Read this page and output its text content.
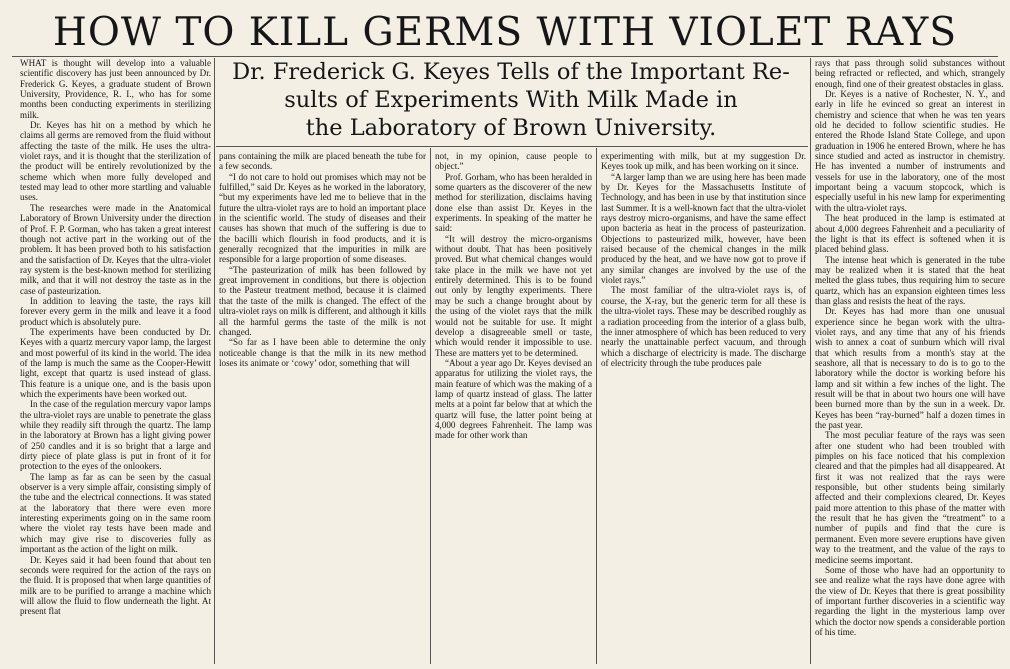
HOW TO KILL GERMS WITH VIOLET RAYS
Dr. Frederick G. Keyes Tells of the Important Re-
sults of Experiments With Milk Made in
the Laboratory of Brown University.

WHAT is thought will develop into a valuable scientific discovery has just been announced by Dr. Frederick G. Keyes, a graduate student of Brown University, Providence, R. I., who has for some months been conducting experiments in sterilizing milk.

Dr. Keyes has hit on a method by which he claims all germs are removed from the fluid without affecting the taste of the milk. He uses the ultra-violet rays, and it is thought that the sterilization of the product will be entirely revolutionized by the scheme which when more fully developed and tested may lead to other more startling and valuable uses.

The researches were made in the Anatomical Laboratory of Brown University under the direction of Prof. F. P. Gorman, who has taken a great interest though not active part in the working out of the problem. It has been proved both to his satisfaction and the satisfaction of Dr. Keyes that the ultra-violet ray system is the best-known method for sterilizing milk, and that it will not destroy the taste as in the case of pasteurization.

In addition to leaving the taste, the rays kill forever every germ in the milk and leave it a food product which is absolutely pure.

The experiments have been conducted by Dr. Keyes with a quartz mercury vapor lamp, the largest and most powerful of its kind in the world. The idea of the lamp is much the same as the Cooper-Hewitt light, except that quartz is used instead of glass. This feature is a unique one, and is the basis upon which the experiments have been worked out.

In the case of the regulation mercury vapor lamps the ultra-violet rays are unable to penetrate the glass while they readily sift through the quartz. The lamp in the laboratory at Brown has a light giving power of 250 candles and it is so bright that a large and dirty piece of plate glass is put in front of it for protection to the eyes of the onlookers.

The lamp as far as can be seen by the casual observer is a very simple affair, consisting simply of the tube and the electrical connections. It was stated at the laboratory that there were even more interesting experiments going on in the same room where the violet ray tests have been made and which may give rise to discoveries fully as important as the action of the light on milk.

Dr. Keyes said it had been found that about ten seconds were required for the action of the rays on the fluid. It is proposed that when large quantities of milk are to be purified to arrange a machine which will allow the fluid to flow underneath the light. At present flat

pans containing the milk are placed beneath the tube for a few seconds.

“I do not care to hold out promises which may not be fulfilled,” said Dr. Keyes as he worked in the laboratory, “but my experiments have led me to believe that in the future the ultra-violet rays are to hold an important place in the scientific world. The study of diseases and their causes has shown that much of the suffering is due to the bacilli which flourish in food products, and it is generally recognized that the impurities in milk are responsible for a large proportion of some diseases.

“The pasteurization of milk has been followed by great improvement in conditions, but there is objection to the Pasteur treatment method, because it is claimed that the taste of the milk is changed. The effect of the ultra-violet rays on milk is different, and although it kills all the harmful germs the taste of the milk is not changed.

“So far as I have been able to determine the only noticeable change is that the milk in its new method loses its animate or ‘cowy’ odor, something that will

not, in my opinion, cause people to object.”

Prof. Gorham, who has been heralded in some quarters as the discoverer of the new method for sterilization, disclaims having done else than assist Dr. Keyes in the experiments. In speaking of the matter he said:

“It will destroy the micro-organisms without doubt. That has been positively proved. But what chemical changes would take place in the milk we have not yet entirely determined. This is to be found out only by lengthy experiments. There may be such a change brought about by the using of the violet rays that the milk would not be suitable for use. It might develop a disagreeable smell or taste, which would render it impossible to use. These are matters yet to be determined.

“About a year ago Dr. Keyes devised an apparatus for utilizing the violet rays, the main feature of which was the making of a lamp of quartz instead of glass. The latter melts at a point far below that at which the quartz will fuse, the latter point being at 4,000 degrees Fahrenheit. The lamp was made for other work than

experimenting with milk, but at my suggestion Dr. Keyes took up milk, and has been working on it since.

“A larger lamp than we are using here has been made by Dr. Keyes for the Massachusetts Institute of Technology, and has been in use by that institution since last Summer. It is a well-known fact that the ultra-violet rays destroy micro-organisms, and have the same effect upon bacteria as heat in the process of pasteurization. Objections to pasteurized milk, however, have been raised because of the chemical changes in the milk produced by the heat, and we have now got to prove if any similar changes are involved by the use of the violet rays.”

The most familiar of the ultra-violet rays is, of course, the X-ray, but the generic term for all these is the ultra-violet rays. These may be described roughly as a radiation proceeding from the interior of a glass bulb, the inner atmosphere of which has been reduced to very nearly the unattainable perfect vacuum, and through which a discharge of electricity is made. The discharge of electricity through the tube produces pale

rays that pass through solid substances without being refracted or reflected, and which, strangely enough, find one of their greatest obstacles in glass.

Dr. Keyes is a native of Rochester, N. Y., and early in life he evinced so great an interest in chemistry and science that when he was ten years old he decided to follow scientific studies. He entered the Rhode Island State College, and upon graduation in 1906 he entered Brown, where he has since studied and acted as instructor in chemistry. He has invented a number of instruments and vessels for use in the laboratory, one of the most important being a vacuum stopcock, which is especially useful in his new lamp for experimenting with the ultra-violet rays.

The heat produced in the lamp is estimated at about 4,000 degrees Fahrenheit and a peculiarity of the light is that its effect is softened when it is placed behind glass.

The intense heat which is generated in the tube may be realized when it is stated that the heat melted the glass tubes, thus requiring him to secure quartz, which has an expansion eighteen times less than glass and resists the heat of the rays.

Dr. Keyes has had more than one unusual experience since he began work with the ultra-violet rays, and any time that any of his friends wish to annex a coat of sunburn which will rival that which results from a month's stay at the seashore, all that is necessary to do is to go to the laboratory while the doctor is working before his lamp and sit within a few inches of the light. The result will be that in about two hours one will have been burned more than by the sun in a week. Dr. Keyes has been “ray-burned” half a dozen times in the past year.

The most peculiar feature of the rays was seen after one student who had been troubled with pimples on his face noticed that his complexion cleared and that the pimples had all disappeared. At first it was not realized that the rays were responsible, but other students being similarly affected and their complexions cleared, Dr. Keyes paid more attention to this phase of the matter with the result that he has given the “treatment” to a number of pupils and find that the cure is permanent. Even more severe eruptions have given way to the treatment, and the value of the rays to medicine seems important.

Some of those who have had an opportunity to see and realize what the rays have done agree with the view of Dr. Keyes that there is great possibility of important further discoveries in a scientific way regarding the light in the mysterious lamp over which the doctor now spends a considerable portion of his time.
